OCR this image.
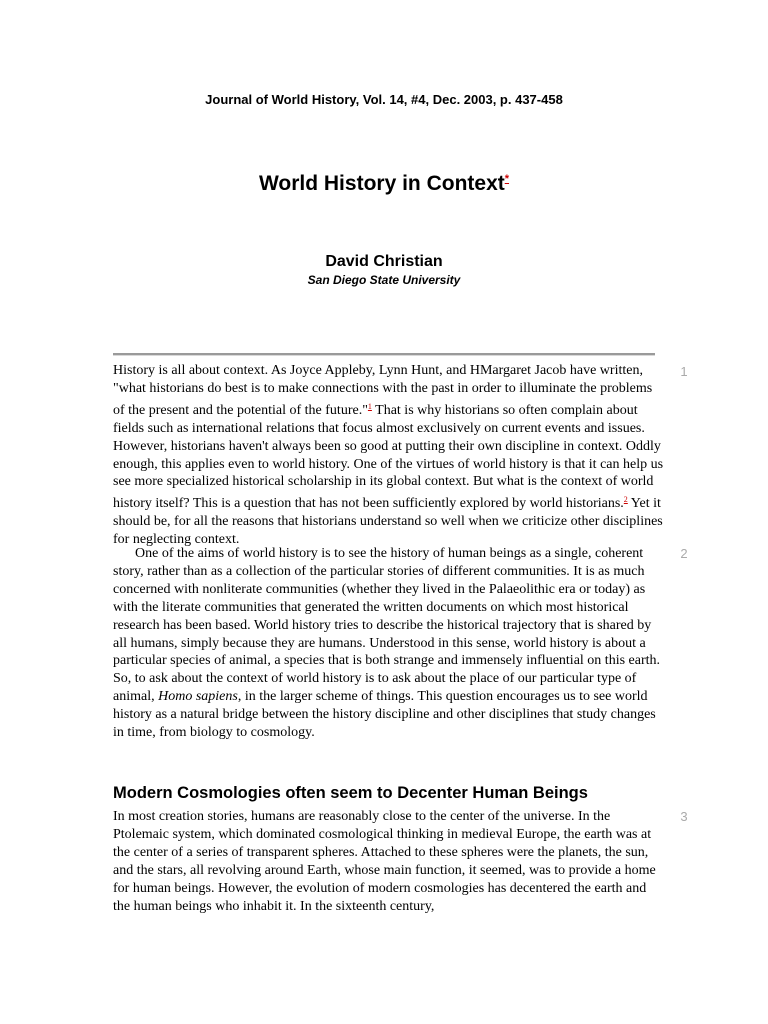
Journal of World History, Vol. 14, #4, Dec. 2003, p. 437-458
World History in Context*
David Christian
San Diego State University

History is all about context. As Joyce Appleby, Lynn Hunt, and HMargaret Jacob have written, "what historians do best is to make connections with the past in order to illuminate the problems of the present and the potential of the future."$^1$ That is why historians so often complain about fields such as international relations that focus almost exclusively on current events and issues. However, historians haven't always been so good at putting their own discipline in context. Oddly enough, this applies even to world history. One of the virtues of world history is that it can help us see more specialized historical scholarship in its global context. But what is the context of world history itself? This is a question that has not been sufficiently explored by world historians.$^2$ Yet it should be, for all the reasons that historians understand so well when we criticize other disciplines for neglecting context.

1

One of the aims of world history is to see the history of human beings as a single, coherent story, rather than as a collection of the particular stories of different communities. It is as much concerned with nonliterate communities (whether they lived in the Palaeolithic era or today) as with the literate communities that generated the written documents on which most historical research has been based. World history tries to describe the historical trajectory that is shared by all humans, simply because they are humans. Understood in this sense, world history is about a particular species of animal, a species that is both strange and immensely influential on this earth. So, to ask about the context of world history is to ask about the place of our particular type of animal, Homo sapiens, in the larger scheme of things. This question encourages us to see world history as a natural bridge between the history discipline and other disciplines that study changes in time, from biology to cosmology.

2
Modern Cosmologies often seem to Decenter Human Beings

In most creation stories, humans are reasonably close to the center of the universe. In the Ptolemaic system, which dominated cosmological thinking in medieval Europe, the earth was at the center of a series of transparent spheres. Attached to these spheres were the planets, the sun, and the stars, all revolving around Earth, whose main function, it seemed, was to provide a home for human beings. However, the evolution of modern cosmologies has decentered the earth and the human beings who inhabit it. In the sixteenth century,

3
